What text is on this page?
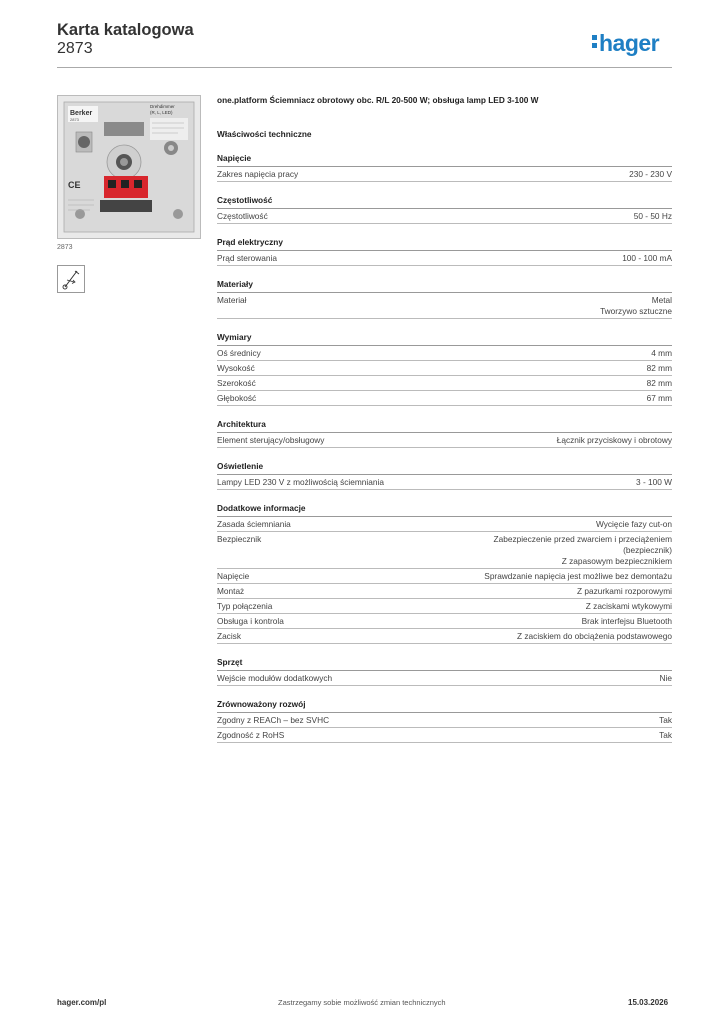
Karta katalogowa
2873	hager
Berker
2873
Drehdimmer
(R, L, LED)
CE
2873
one.platform Ściemniacz obrotowy obc. R/L 20-500 W; obsługa lamp LED 3-100 W
Właściwości techniczne
Napięcie
Zakres napięcia pracy	230 - 230 V
Częstotliwość
Częstotliwość	50 - 50 Hz
Prąd elektryczny
Prąd sterowania	100 - 100 mA
Materiały
Materiał	Metal
Tworzywo sztuczne
Wymiary
Oś średnicy	4 mm
Wysokość	82 mm
Szerokość	82 mm
Głębokość	67 mm
Architektura
Element sterujący/obsługowy	Łącznik przyciskowy i obrotowy
Oświetlenie
Lampy LED 230 V z możliwością ściemniania	3 - 100 W
Dodatkowe informacje
Zasada ściemniania	Wycięcie fazy cut-on
Bezpiecznik	Zabezpieczenie przed zwarciem i przeciążeniem
(bezpiecznik)
Z zapasowym bezpiecznikiem
Napięcie	Sprawdzanie napięcia jest możliwe bez demontażu
Montaż	Z pazurkami rozporowymi
Typ połączenia	Z zaciskami wtykowymi
Obsługa i kontrola	Brak interfejsu Bluetooth
Zacisk	Z zaciskiem do obciążenia podstawowego
Sprzęt
Wejście modułów dodatkowych	Nie
Zrównoważony rozwój
Zgodny z REACh – bez SVHC	Tak
Zgodność z RoHS	Tak
hager.com/pl	Zastrzegamy sobie możliwość zmian technicznych	15.03.2026
